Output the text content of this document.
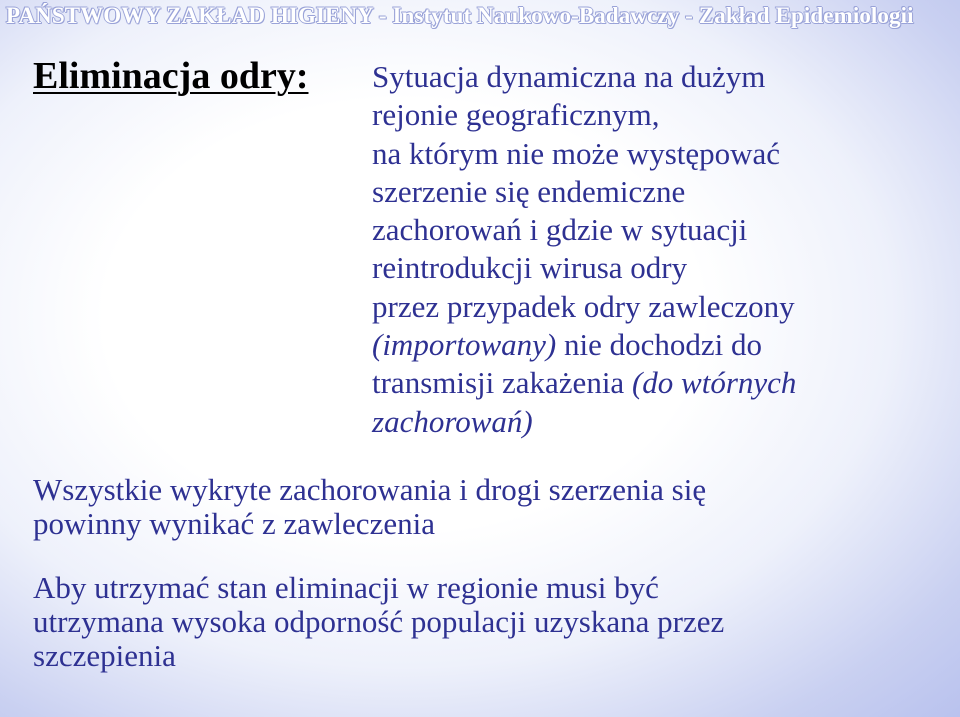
PAŃSTWOWY ZAKŁAD HIGIENY - Instytut Naukowo-Badawczy - Zakład Epidemiologii
Eliminacja odry: Sytuacja dynamiczna na dużym
rejonie geograficznym,
na którym nie może występować
szerzenie się endemiczne
zachorowań i gdzie w sytuacji
reintrodukcji wirusa odry
przez przypadek odry zawleczony
(importowany) nie dochodzi do
transmisji zakażenia (do wtórnych
zachorowań)
Wszystkie wykryte zachorowania i drogi szerzenia się
powinny wynikać z zawleczenia
Aby utrzymać stan eliminacji w regionie musi być
utrzymana wysoka odporność populacji uzyskana przez
szczepienia
